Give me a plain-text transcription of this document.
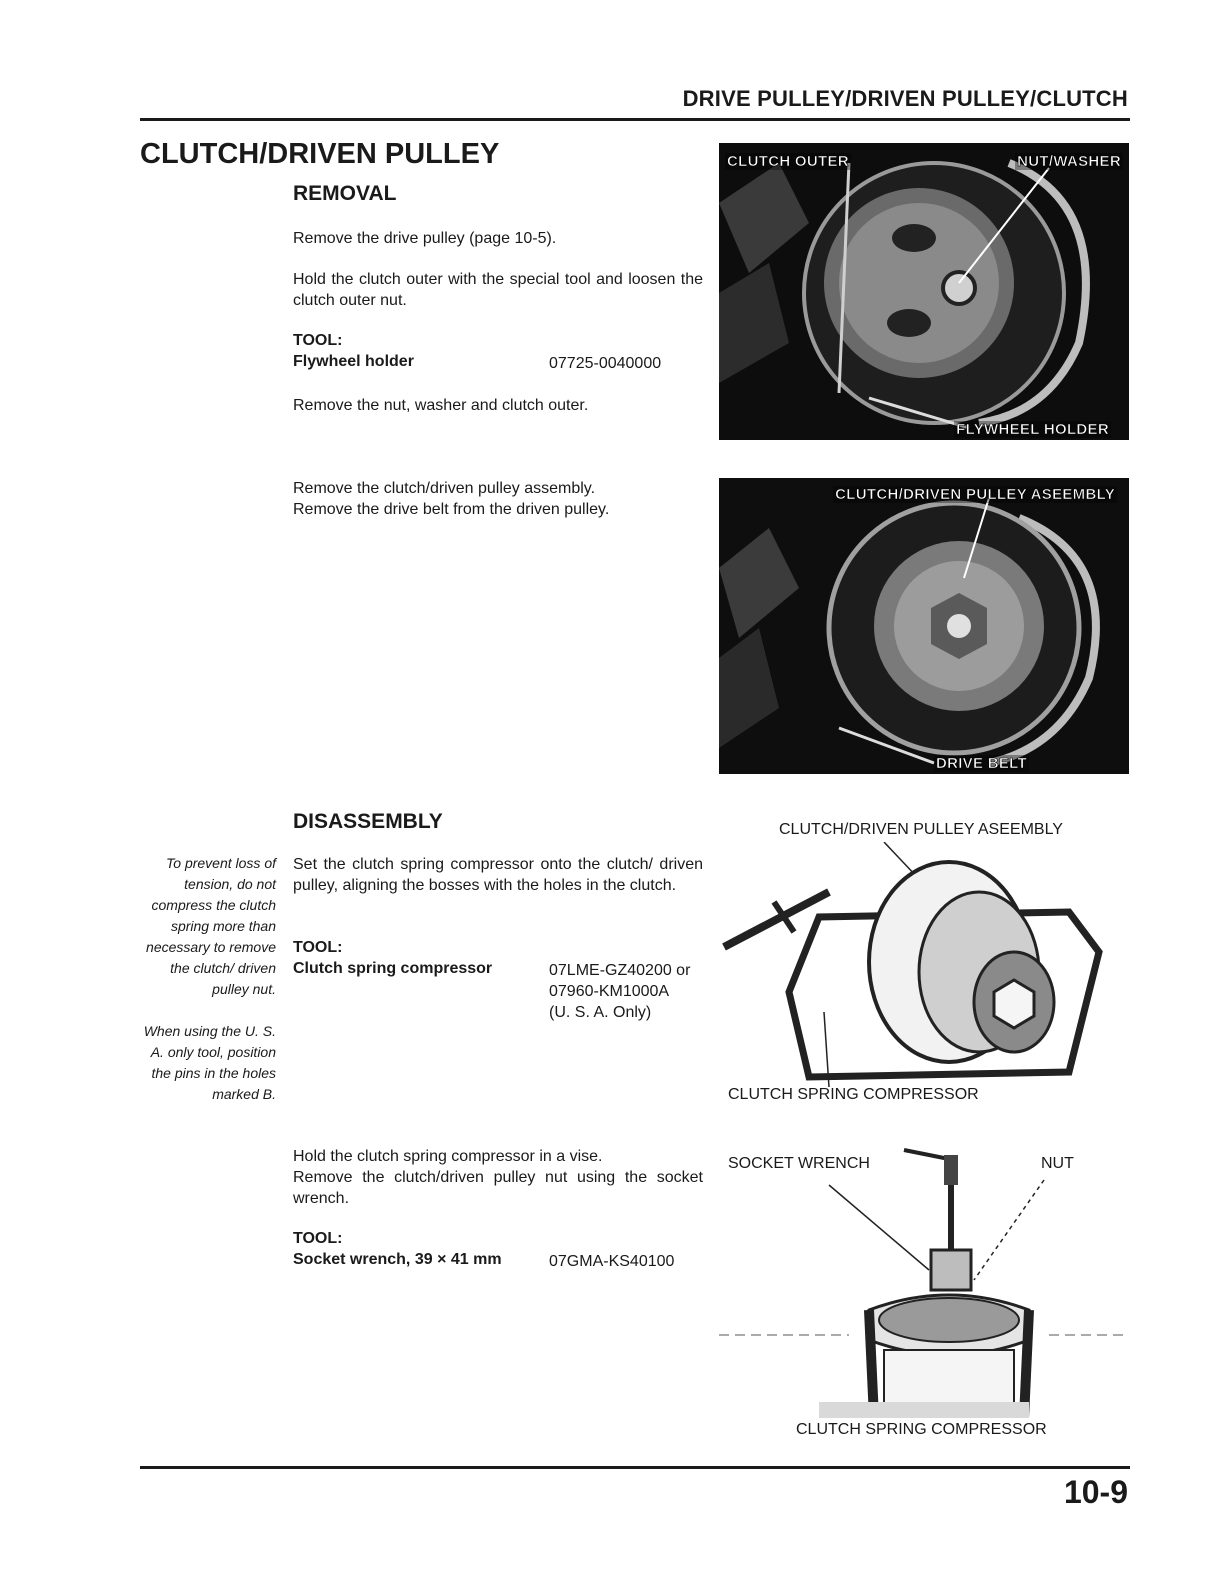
DRIVE PULLEY/DRIVEN PULLEY/CLUTCH
CLUTCH/DRIVEN PULLEY
REMOVAL
Remove the drive pulley (page 10-5).
Hold the clutch outer with the special tool and loosen the clutch outer nut.
TOOL:
Flywheel holder	07725-0040000
Remove the nut, washer and clutch outer.
Remove the clutch/driven pulley assembly.
Remove the drive belt from the driven pulley.
CLUTCH OUTER	NUT/WASHER
FLYWHEEL HOLDER
CLUTCH/DRIVEN PULLEY ASEEMBLY
DRIVE BELT
DISASSEMBLY
To prevent loss of tension, do not compress the clutch spring more than necessary to remove the clutch/ driven pulley nut.
When using the U. S. A. only tool, position the pins in the holes marked B.
Set the clutch spring compressor onto the clutch/ driven pulley, aligning the bosses with the holes in the clutch.
TOOL:
Clutch spring compressor	07LME-GZ40200 or
07960-KM1000A
(U. S. A. Only)
Hold the clutch spring compressor in a vise.
Remove the clutch/driven pulley nut using the socket wrench.
TOOL:
Socket wrench, 39 × 41 mm	07GMA-KS40100
CLUTCH/DRIVEN PULLEY ASEEMBLY
CLUTCH SPRING COMPRESSOR
SOCKET WRENCH	NUT
CLUTCH SPRING COMPRESSOR
10-9
